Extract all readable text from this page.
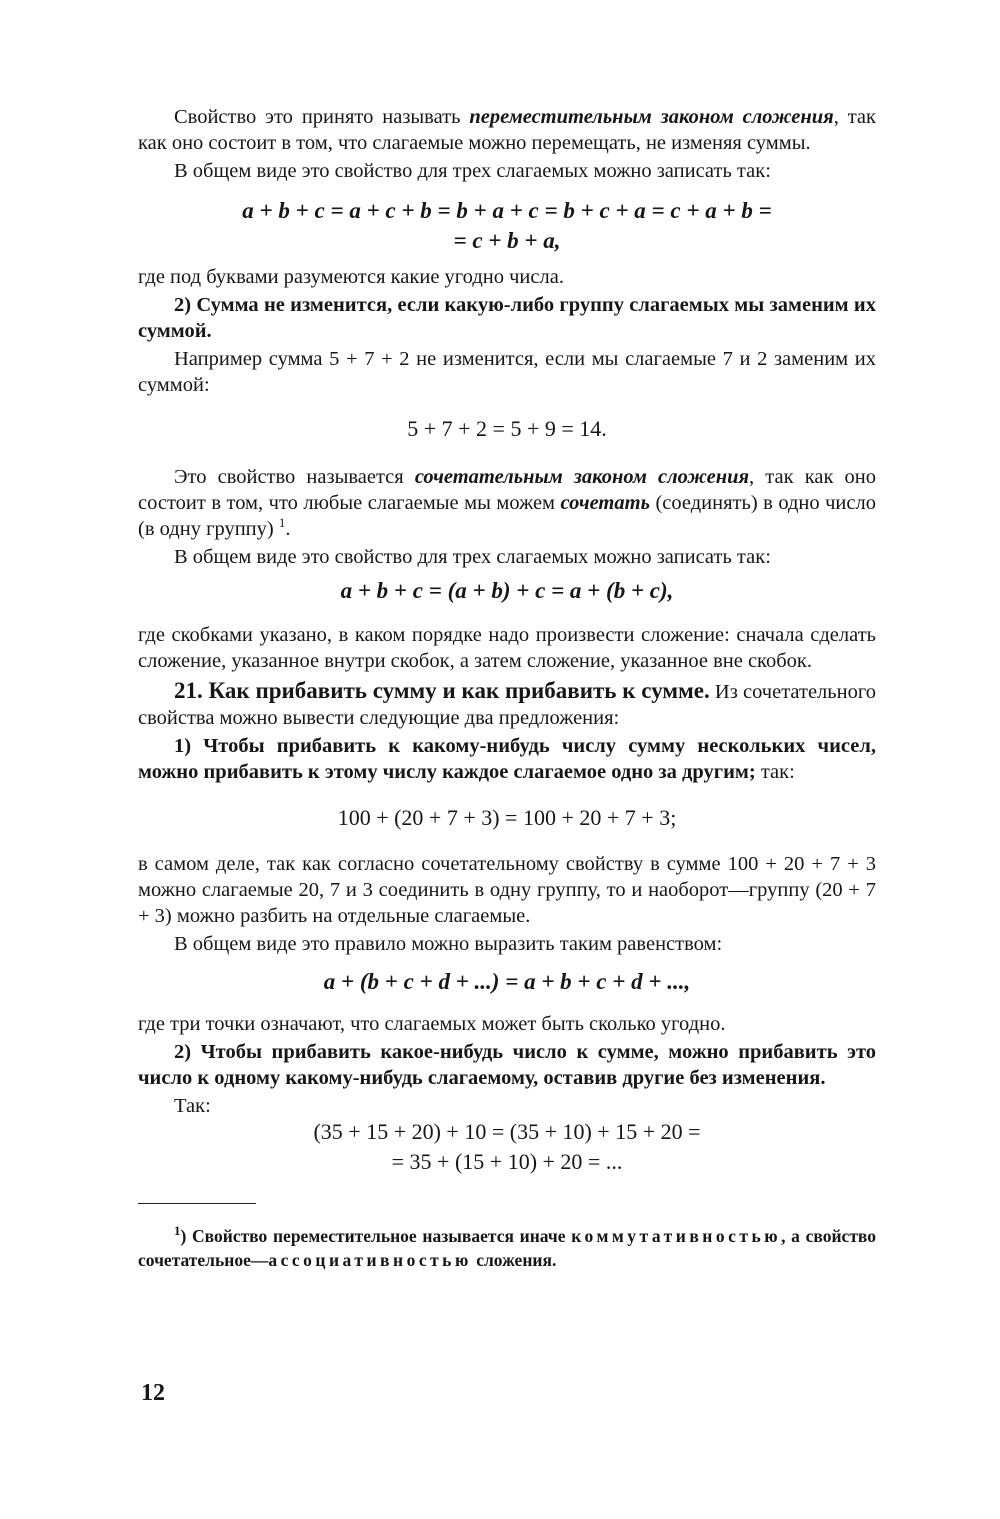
Свойство это принято называть переместительным законом сложения, так как оно состоит в том, что слагаемые можно перемещать, не изменяя суммы.

В общем виде это свойство для трех слагаемых можно записать так:

a + b + c = a + c + b = b + a + c = b + c + a = c + a + b =
= c + b + a,

где под буквами разумеются какие угодно числа.

2) Сумма не изменится, если какую-либо группу слагаемых мы заменим их суммой.

Например сумма 5 + 7 + 2 не изменится, если мы слагаемые 7 и 2 заменим их суммой:

5 + 7 + 2 = 5 + 9 = 14.

Это свойство называется сочетательным законом сложения, так как оно состоит в том, что любые слагаемые мы можем сочетать (соединять) в одно число (в одну группу) $^1$.

В общем виде это свойство для трех слагаемых можно записать так:

a + b + c = (a + b) + c = a + (b + c),

где скобками указано, в каком порядке надо произвести сложение: сначала сделать сложение, указанное внутри скобок, а затем сложение, указанное вне скобок.

21. Как прибавить сумму и как прибавить к сумме. Из сочетательного свойства можно вывести следующие два предложения:

1) Чтобы прибавить к какому-нибудь числу сумму нескольких чисел, можно прибавить к этому числу каждое слагаемое одно за другим; так:

100 + (20 + 7 + 3) = 100 + 20 + 7 + 3;

в самом деле, так как согласно сочетательному свойству в сумме 100 + 20 + 7 + 3 можно слагаемые 20, 7 и 3 соединить в одну группу, то и наоборот—группу (20 + 7 + 3) можно разбить на отдельные слагаемые.

В общем виде это правило можно выразить таким равенством:

a + (b + c + d + ...) = a + b + c + d + ...,

где три точки означают, что слагаемых может быть сколько угодно.

2) Чтобы прибавить какое-нибудь число к сумме, можно прибавить это число к одному какому-нибудь слагаемому, оставив другие без изменения.

Так:

(35 + 15 + 20) + 10 = (35 + 10) + 15 + 20 =
= 35 + (15 + 10) + 20 = ...

$^1$) Свойство переместительное называется иначе коммутативностью, а свойство сочетательное—ассоциативностью сложения.

12
